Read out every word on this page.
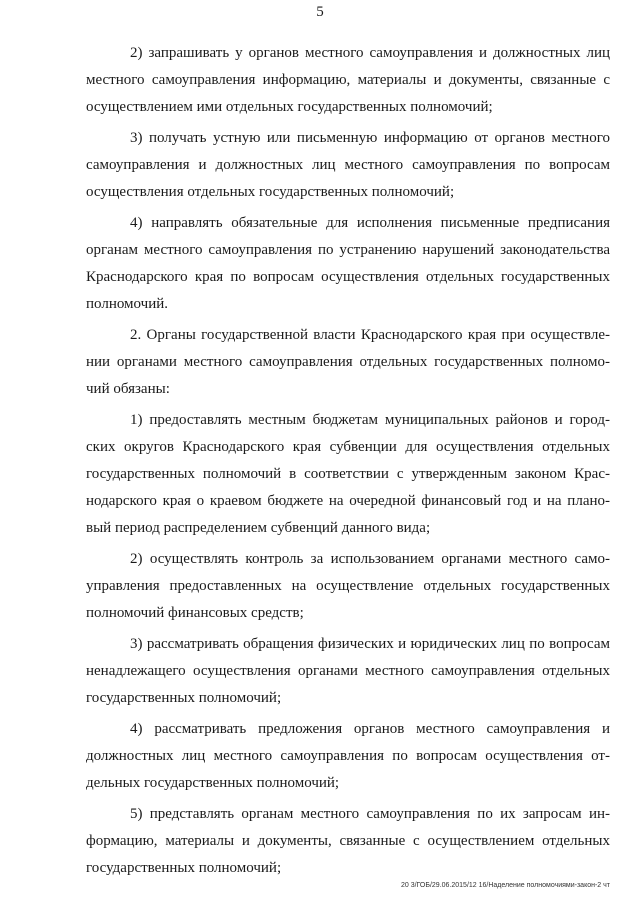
5
2) запрашивать у органов местного самоуправления и должностных лиц
местного самоуправления информацию, материалы и документы, связанные с
осуществлением ими отдельных государственных полномочий;
3) получать устную или письменную информацию от органов местного
самоуправления и должностных лиц местного самоуправления по вопросам
осуществления отдельных государственных полномочий;
4) направлять обязательные для исполнения письменные предписания
органам местного самоуправления по устранению нарушений законодательства
Краснодарского края по вопросам осуществления отдельных государственных
полномочий.
2. Органы государственной власти Краснодарского края при осуществле-
нии органами местного самоуправления отдельных государственных полномо-
чий обязаны:
1) предоставлять местным бюджетам муниципальных районов и город-
ских округов Краснодарского края субвенции для осуществления отдельных
государственных полномочий в соответствии с утвержденным законом Крас-
нодарского края о краевом бюджете на очередной финансовый год и на плано-
вый период распределением субвенций данного вида;
2) осуществлять контроль за использованием органами местного само-
управления предоставленных на осуществление отдельных государственных
полномочий финансовых средств;
3) рассматривать обращения физических и юридических лиц по вопросам
ненадлежащего осуществления органами местного самоуправления отдельных
государственных полномочий;
4) рассматривать предложения органов местного самоуправления и
должностных лиц местного самоуправления по вопросам осуществления от-
дельных государственных полномочий;
5) представлять органам местного самоуправления по их запросам ин-
формацию, материалы и документы, связанные с осуществлением отдельных
государственных полномочий;
20 3/ГОБ/29.06.2015/12 16/Наделение полномочиями-закон-2 чт
